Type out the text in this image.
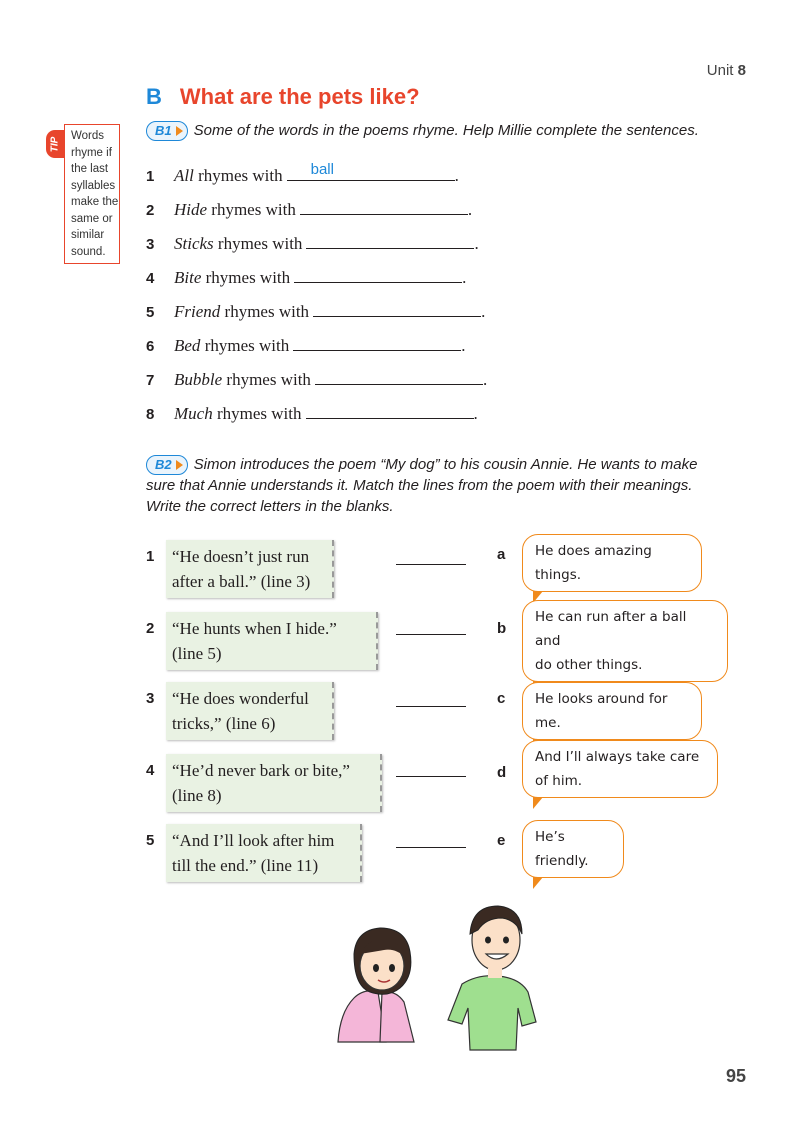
Unit 8
B What are the pets like?
TIP
Words rhyme if the last syllables make the same or similar sound.
B1 Some of the words in the poems rhyme. Help Millie complete the sentences.
1 All rhymes with ball	.
2 Hide rhymes with	.
3 Sticks rhymes with	.
4 Bite rhymes with	.
5 Friend rhymes with	.
6 Bed rhymes with	.
7 Bubble rhymes with	.
8 Much rhymes with	.
B2 Simon introduces the poem “My dog” to his cousin Annie. He wants to make sure that Annie understands it. Match the lines from the poem with their meanings. Write the correct letters in the blanks.
1 “He doesn’t just run
after a ball.” (line 3)
2 “He hunts when I hide.”
(line 5)
3 “He does wonderful
tricks,” (line 6)
4 “He’d never bark or bite,”
(line 8)
5 “And I’ll look after him
till the end.” (line 11)
a He does amazing things.
b
He can run after a ball and
do other things.
c He looks around for me.
d
And I’ll always take care
of him.
e He’s friendly.
95
